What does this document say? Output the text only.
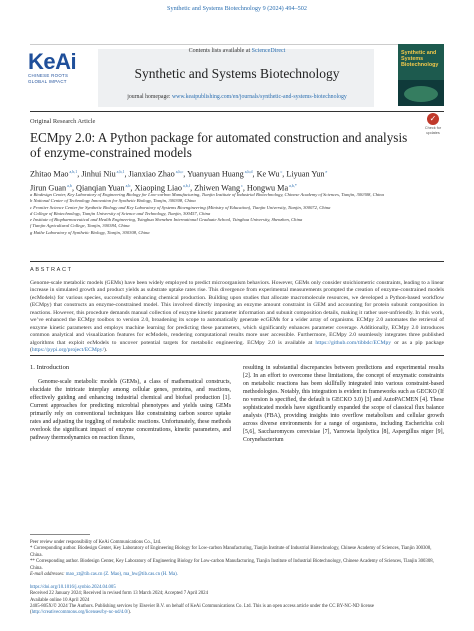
Synthetic and Systems Biotechnology 9 (2024) 494–502
Contents lists available at ScienceDirect
Synthetic and Systems Biotechnology
journal homepage: www.keaipublishing.com/en/journals/synthetic-and-systems-biotechnology
KeAi
CHINESE ROOTS
GLOBAL IMPACT
Synthetic and Systems Biotechnology
Original Research Article
ECMpy 2.0: A Python package for automated construction and analysis of enzyme-constrained models
✓
Check for
updates
Zhitao Mao $^{a,b,1}$, Jinhui Niu $^{a,b,1}$, Jianxiao Zhao $^{a,b,c}$, Yuanyuan Huang $^{a,b,d}$, Ke Wu $^c$, Liyuan Yun $^e$
Jirun Guan $^{a,b}$, Qianqian Yuan $^{a,b}$, Xiaoping Liao $^{a,b,f}$, Zhiwen Wang $^c$, Hongwu Ma $^{a,b,*}$

a Biodesign Center, Key Laboratory of Engineering Biology for Low-carbon Manufacturing, Tianjin Institute of Industrial Biotechnology, Chinese Academy of Sciences, Tianjin, 300308, China

b National Center of Technology Innovation for Synthetic Biology, Tianjin, 300308, China

c Frontier Science Center for Synthetic Biology and Key Laboratory of Systems Bioengineering (Ministry of Education), Tianjin University, Tianjin, 300072, China

d College of Biotechnology, Tianjin University of Science and Technology, Tianjin, 300457, China

e Institute of Biopharmaceutical and Health Engineering, Tsinghua Shenzhen International Graduate School, Tsinghua University, Shenzhen, China

f Tianjin Agricultural College, Tianjin, 300384, China

g Haihe Laboratory of Synthetic Biology, Tianjin, 300308, China

ABSTRACT
Genome-scale metabolic models (GEMs) have been widely employed to predict microorganism behaviors. However, GEMs only consider stoichiometric constraints, leading to a linear increase in simulated growth and product yields as substrate uptake rates rise. This divergence from experimental measurements prompted the creation of enzyme-constrained models (ecModels) for various species, successfully enhancing chemical production. Building upon studies that allocate macromolecule resources, we developed a Python-based workflow (ECMpy) that constructs an enzyme-constrained model. This involved directly imposing an enzyme amount constraint in GEM and accounting for protein subunit composition in reactions. However, this procedure demands manual collection of enzyme kinetic parameter information and subunit composition details, making it rather user-unfriendly. In this work, we’ve enhanced the ECMpy toolbox to version 2.0, broadening its scope to automatically generate ecGEMs for a wider array of organisms. ECMpy 2.0 automates the retrieval of enzyme kinetic parameters and employs machine learning for predicting these parameters, which significantly enhances parameter coverage. Additionally, ECMpy 2.0 introduces common analytical and visualization features for ecModels, rendering computational results more user accessible. Furthermore, ECMpy 2.0 seamlessly integrates three published algorithms that exploit ecModels to uncover potential targets for metabolic engineering. ECMpy 2.0 is available at https://github.com/tibbdc/ECMpy or as a pip package (https://pypi.org/project/ECMpy/).
1. Introduction

Genome-scale metabolic models (GEMs), a class of mathematical constructs, elucidate the intricate interplay among cellular genes, proteins, and reactions, effectively guiding and enhancing industrial chemical and biofuel production [1]. Current approaches for predicting microbial phenotypes and yields using GEMs primarily rely on conventional techniques like constraining carbon source uptake rates and adjusting the toggling of metabolic reactions. Unfortunately, these methods overlook the significant impact of enzyme concentrations, kinetic parameters, and pathway thermodynamics on reaction fluxes,

resulting in substantial discrepancies between predictions and experimental results [2]. In an effort to overcome these limitations, the concept of enzymatic constraints on metabolic reactions has been skillfully integrated into various constraint-based methodologies. Notably, this integration is evident in frameworks such as GECKO (If no version is specified, the default is GECKO 3.0) [3] and AutoPACMEN [4]. These sophisticated models have significantly expanded the scope of classical flux balance analysis (FBA), providing insights into overflow metabolism and cellular growth across diverse environments for a range of organisms, including Escherichia coli [5,6], Saccharomyces cerevisiae [7], Yarrowia lipolytica [8], Aspergillus niger [9], Corynebacterium

Peer review under responsibility of KeAi Communications Co., Ltd.

* Corresponding author. Biodesign Center, Key Laboratory of Engineering Biology for Low-carbon Manufacturing, Tianjin Institute of Industrial Biotechnology, Chinese Academy of Sciences, Tianjin 300308, China.

** Corresponding author. Biodesign Center, Key Laboratory of Engineering Biology for Low-carbon Manufacturing, Tianjin Institute of Industrial Biotechnology, Chinese Academy of Sciences, Tianjin 300308, China.

E-mail addresses: mao_zt@tib.cas.cn (Z. Mao), ma_hw@tib.cas.cn (H. Ma).

https://doi.org/10.1016/j.synbio.2024.04.005

Received 22 January 2024; Received in revised form 13 March 2024; Accepted 7 April 2024

Available online 10 April 2024

2405-805X/© 2024 The Authors. Publishing services by Elsevier B.V. on behalf of KeAi Communications Co. Ltd. This is an open access article under the CC BY-NC-ND license (http://creativecommons.org/licenses/by-nc-nd/4.0/).
